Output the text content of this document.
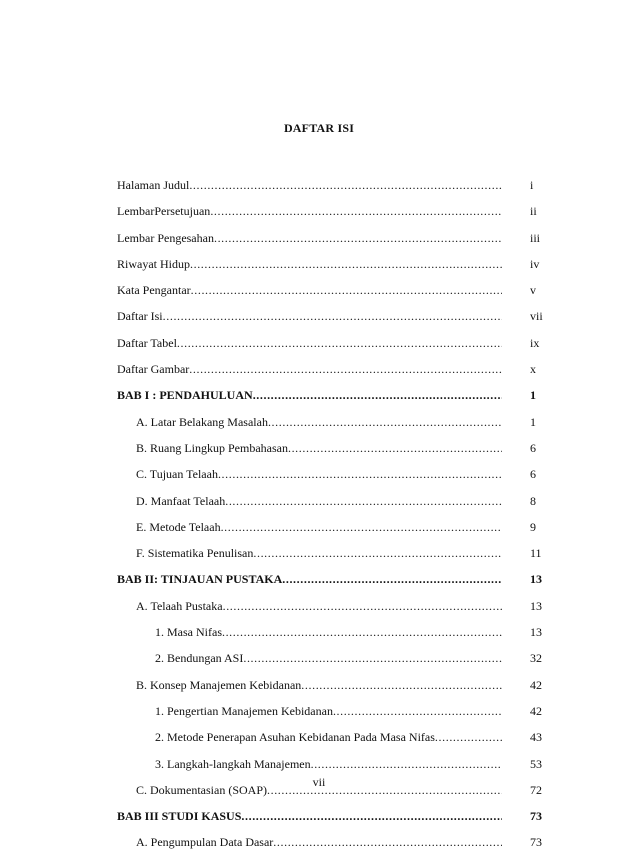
DAFTAR ISI
Halaman Judul .....	i
LembarPersetujuan .....	ii
Lembar Pengesahan .....	iii
Riwayat Hidup .....	iv
Kata Pengantar .....	v
Daftar Isi .....	vii
Daftar Tabel .....	ix
Daftar Gambar .....	x
BAB I : PENDAHULUAN .....	1
A. Latar Belakang Masalah .....	1
B. Ruang Lingkup Pembahasan .....	6
C. Tujuan Telaah .....	6
D. Manfaat Telaah .....	8
E. Metode Telaah .....	9
F. Sistematika Penulisan .....	11
BAB II: TINJAUAN PUSTAKA .....	13
A. Telaah Pustaka .....	13
1. Masa Nifas .....	13
2. Bendungan ASI .....	32
B. Konsep Manajemen Kebidanan .....	42
1. Pengertian Manajemen Kebidanan .....	42
2. Metode Penerapan Asuhan Kebidanan Pada Masa Nifas .....	43
3. Langkah-langkah Manajemen .....	53
C. Dokumentasian (SOAP) .....	72
BAB III STUDI KASUS .....	73
A. Pengumpulan Data Dasar .....	73
vii
